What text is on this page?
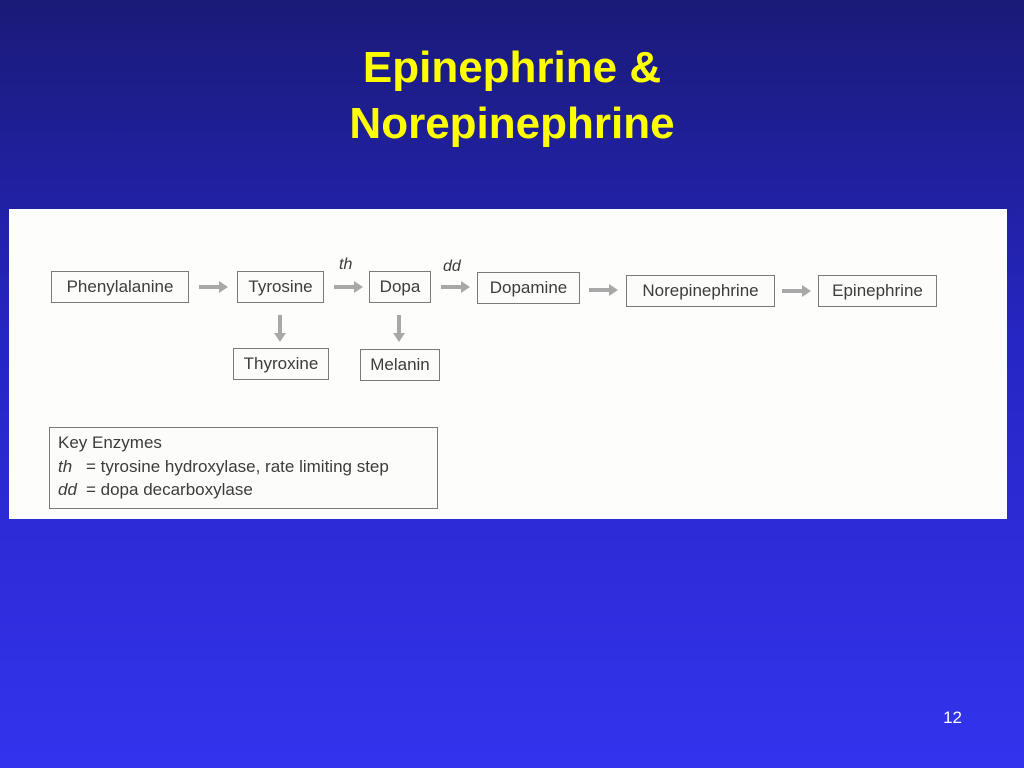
Epinephrine &
Norepinephrine
Phenylalanine	Tyrosine	Dopa	Dopamine	Norepinephrine	Epinephrine
Thyroxine	Melanin
th	dd
Key Enzymes
th = tyrosine hydroxylase, rate limiting step
dd = dopa decarboxylase
12
